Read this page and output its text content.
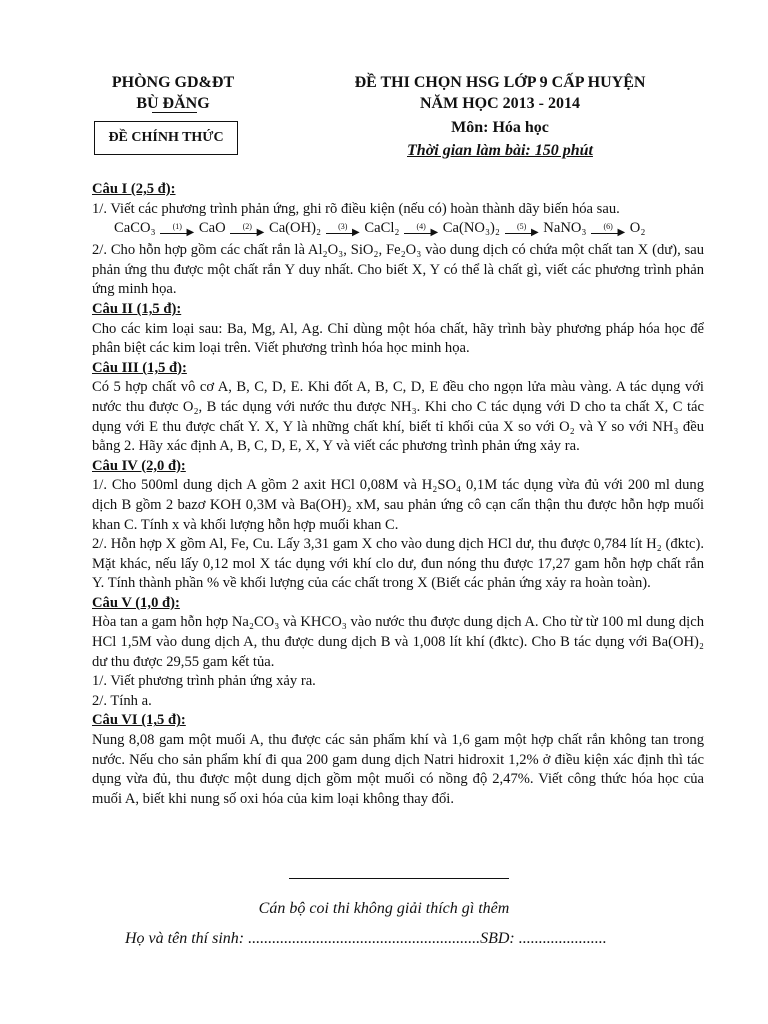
PHÒNG GD&ĐT
BÙ ĐĂNG
ĐỀ CHÍNH THỨC
ĐỀ THI CHỌN HSG LỚP 9 CẤP HUYỆN
NĂM HỌC 2013 - 2014
Môn: Hóa học
Thời gian làm bài: 150 phút

Câu I (2,5 đ):

1/. Viết các phương trình phản ứng, ghi rõ điều kiện (nếu có) hoàn thành dãy biến hóa sau.

CaCO₃	(1)
▶ CaO	(2)
▶ Ca(OH)₂	(3)
▶ CaCl₂	(4)
▶ Ca(NO₃)₂	(5)
▶ NaNO₃	(6)
▶ O₂

2/. Cho hỗn hợp gồm các chất rắn là Al₂O₃, SiO₂, Fe₂O₃ vào dung dịch có chứa một chất tan X (dư), sau phản ứng thu được một chất rắn Y duy nhất. Cho biết X, Y có thể là chất gì, viết các phương trình phản ứng minh họa.

Câu II (1,5 đ):

Cho các kim loại sau: Ba, Mg, Al, Ag. Chỉ dùng một hóa chất, hãy trình bày phương pháp hóa học để phân biệt các kim loại trên. Viết phương trình hóa học minh họa.

Câu III (1,5 đ):

Có 5 hợp chất vô cơ A, B, C, D, E. Khi đốt A, B, C, D, E đều cho ngọn lửa màu vàng. A tác dụng với nước thu được O₂, B tác dụng với nước thu được NH₃. Khi cho C tác dụng với D cho ta chất X, C tác dụng với E thu được chất Y. X, Y là những chất khí, biết tỉ khối của X so với O₂ và Y so với NH₃ đều bằng 2. Hãy xác định A, B, C, D, E, X, Y và viết các phương trình phản ứng xảy ra.

Câu IV (2,0 đ):

1/. Cho 500ml dung dịch A gồm 2 axit HCl 0,08M và H₂SO₄ 0,1M tác dụng vừa đủ với 200 ml dung dịch B gồm 2 bazơ KOH 0,3M và Ba(OH)₂ xM, sau phản ứng cô cạn cẩn thận thu được hỗn hợp muối khan C. Tính x và khối lượng hỗn hợp muối khan C.

2/. Hỗn hợp X gồm Al, Fe, Cu. Lấy 3,31 gam X cho vào dung dịch HCl dư, thu được 0,784 lít H₂ (đktc). Mặt khác, nếu lấy 0,12 mol X tác dụng với khí clo dư, đun nóng thu được 17,27 gam hỗn hợp chất rắn Y. Tính thành phần % về khối lượng của các chất trong X (Biết các phản ứng xảy ra hoàn toàn).

Câu V (1,0 đ):

Hòa tan a gam hỗn hợp Na₂CO₃ và KHCO₃ vào nước thu được dung dịch A. Cho từ từ 100 ml dung dịch HCl 1,5M vào dung dịch A, thu được dung dịch B và 1,008 lít khí (đktc). Cho B tác dụng với Ba(OH)₂ dư thu được 29,55 gam kết tủa.

1/. Viết phương trình phản ứng xảy ra.

2/. Tính a.

Câu VI (1,5 đ):

Nung 8,08 gam một muối A, thu được các sản phẩm khí và 1,6 gam một hợp chất rắn không tan trong nước. Nếu cho sản phẩm khí đi qua 200 gam dung dịch Natri hidroxit 1,2% ở điều kiện xác định thì tác dụng vừa đủ, thu được một dung dịch gồm một muối có nồng độ 2,47%. Viết công thức hóa học của muối A, biết khi nung số oxi hóa của kim loại không thay đổi.

Cán bộ coi thi không giải thích gì thêm
Họ và tên thí sinh: ..........................................................SBD: ......................
